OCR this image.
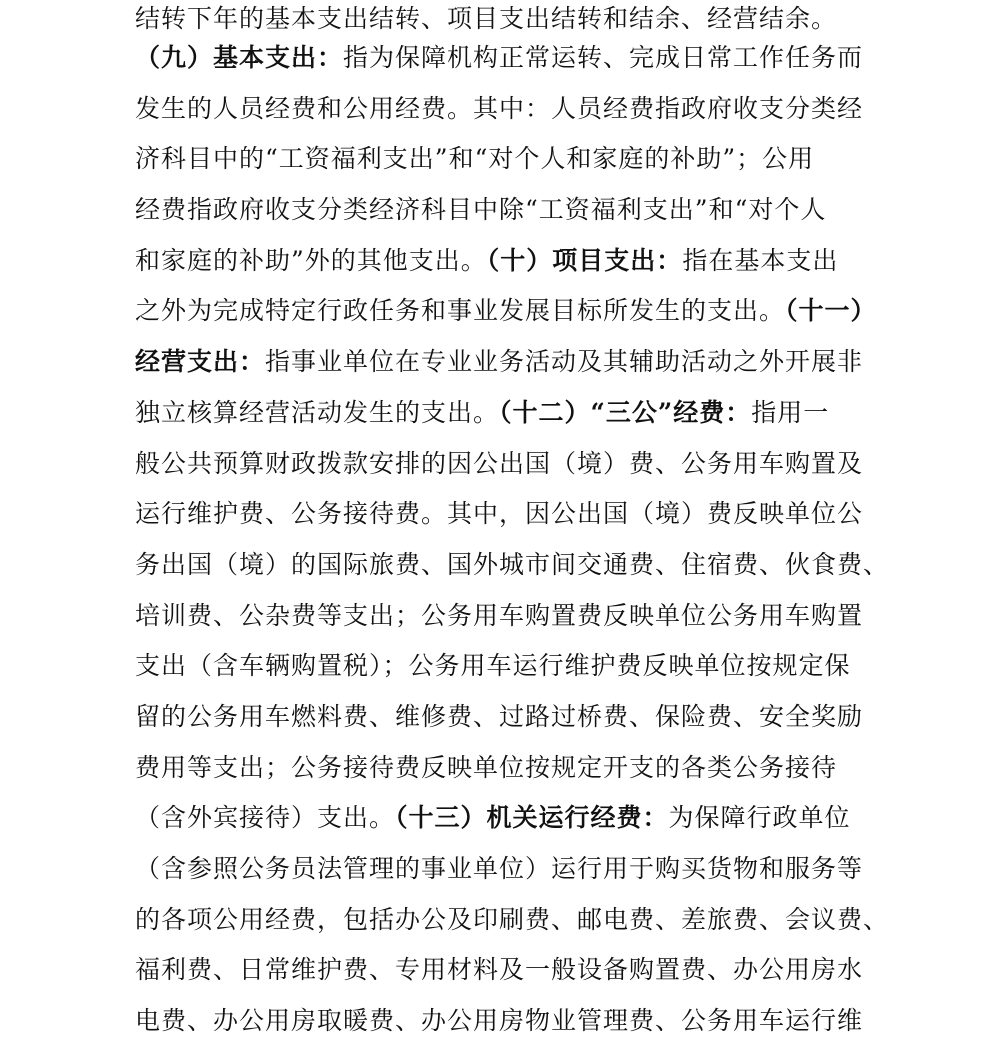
结转下年的基本支出结转、项目支出结转和结余、经营结余。
（九）基本支出：指为保障机构正常运转、完成日常工作任务而
发生的人员经费和公用经费。其中：人员经费指政府收支分类经
济科目中的“工资福利支出”和“对个人和家庭的补助”；公用
经费指政府收支分类经济科目中除“工资福利支出”和“对个人
和家庭的补助”外的其他支出。（十）项目支出：指在基本支出
之外为完成特定行政任务和事业发展目标所发生的支出。（十一）
经营支出：指事业单位在专业业务活动及其辅助活动之外开展非
独立核算经营活动发生的支出。（十二）“三公”经费：指用一
般公共预算财政拨款安排的因公出国（境）费、公务用车购置及
运行维护费、公务接待费。其中，因公出国（境）费反映单位公
务出国（境）的国际旅费、国外城市间交通费、住宿费、伙食费、
培训费、公杂费等支出；公务用车购置费反映单位公务用车购置
支出（含车辆购置税）；公务用车运行维护费反映单位按规定保
留的公务用车燃料费、维修费、过路过桥费、保险费、安全奖励
费用等支出；公务接待费反映单位按规定开支的各类公务接待
（含外宾接待）支出。（十三）机关运行经费：为保障行政单位
（含参照公务员法管理的事业单位）运行用于购买货物和服务等
的各项公用经费，包括办公及印刷费、邮电费、差旅费、会议费、
福利费、日常维护费、专用材料及一般设备购置费、办公用房水
电费、办公用房取暖费、办公用房物业管理费、公务用车运行维
